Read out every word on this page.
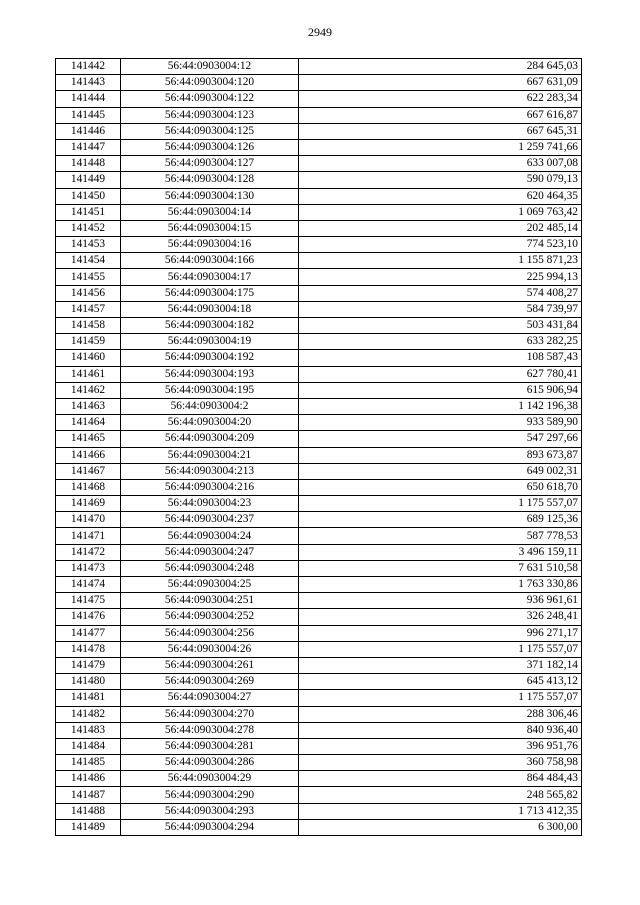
2949
141442	56:44:0903004:12	284 645,03
141443	56:44:0903004:120	667 631,09
141444	56:44:0903004:122	622 283,34
141445	56:44:0903004:123	667 616,87
141446	56:44:0903004:125	667 645,31
141447	56:44:0903004:126	1 259 741,66
141448	56:44:0903004:127	633 007,08
141449	56:44:0903004:128	590 079,13
141450	56:44:0903004:130	620 464,35
141451	56:44:0903004:14	1 069 763,42
141452	56:44:0903004:15	202 485,14
141453	56:44:0903004:16	774 523,10
141454	56:44:0903004:166	1 155 871,23
141455	56:44:0903004:17	225 994,13
141456	56:44:0903004:175	574 408,27
141457	56:44:0903004:18	584 739,97
141458	56:44:0903004:182	503 431,84
141459	56:44:0903004:19	633 282,25
141460	56:44:0903004:192	108 587,43
141461	56:44:0903004:193	627 780,41
141462	56:44:0903004:195	615 906,94
141463	56:44:0903004:2	1 142 196,38
141464	56:44:0903004:20	933 589,90
141465	56:44:0903004:209	547 297,66
141466	56:44:0903004:21	893 673,87
141467	56:44:0903004:213	649 002,31
141468	56:44:0903004:216	650 618,70
141469	56:44:0903004:23	1 175 557,07
141470	56:44:0903004:237	689 125,36
141471	56:44:0903004:24	587 778,53
141472	56:44:0903004:247	3 496 159,11
141473	56:44:0903004:248	7 631 510,58
141474	56:44:0903004:25	1 763 330,86
141475	56:44:0903004:251	936 961,61
141476	56:44:0903004:252	326 248,41
141477	56:44:0903004:256	996 271,17
141478	56:44:0903004:26	1 175 557,07
141479	56:44:0903004:261	371 182,14
141480	56:44:0903004:269	645 413,12
141481	56:44:0903004:27	1 175 557,07
141482	56:44:0903004:270	288 306,46
141483	56:44:0903004:278	840 936,40
141484	56:44:0903004:281	396 951,76
141485	56:44:0903004:286	360 758,98
141486	56:44:0903004:29	864 484,43
141487	56:44:0903004:290	248 565,82
141488	56:44:0903004:293	1 713 412,35
141489	56:44:0903004:294	6 300,00
